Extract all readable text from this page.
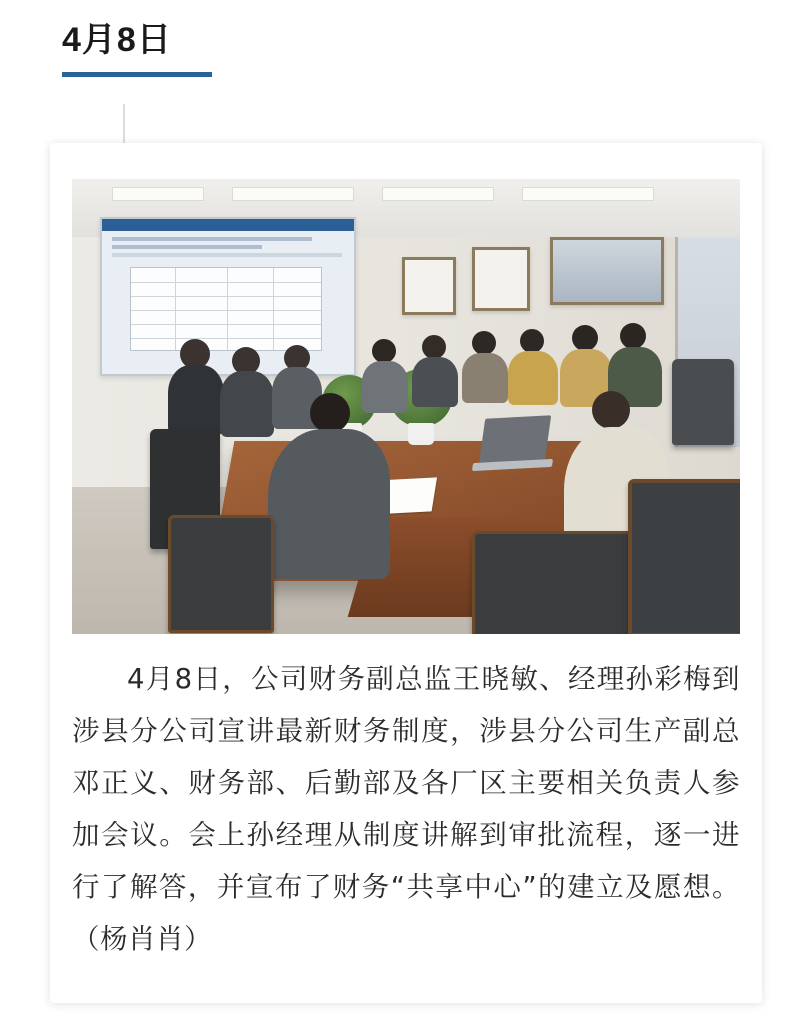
4月8日
4月8日，公司财务副总监王晓敏、经理孙彩梅到涉县分公司宣讲最新财务制度，涉县分公司生产副总邓正义、财务部、后勤部及各厂区主要相关负责人参加会议。会上孙经理从制度讲解到审批流程，逐一进行了解答，并宣布了财务“共享中心”的建立及愿想。（杨肖肖）
